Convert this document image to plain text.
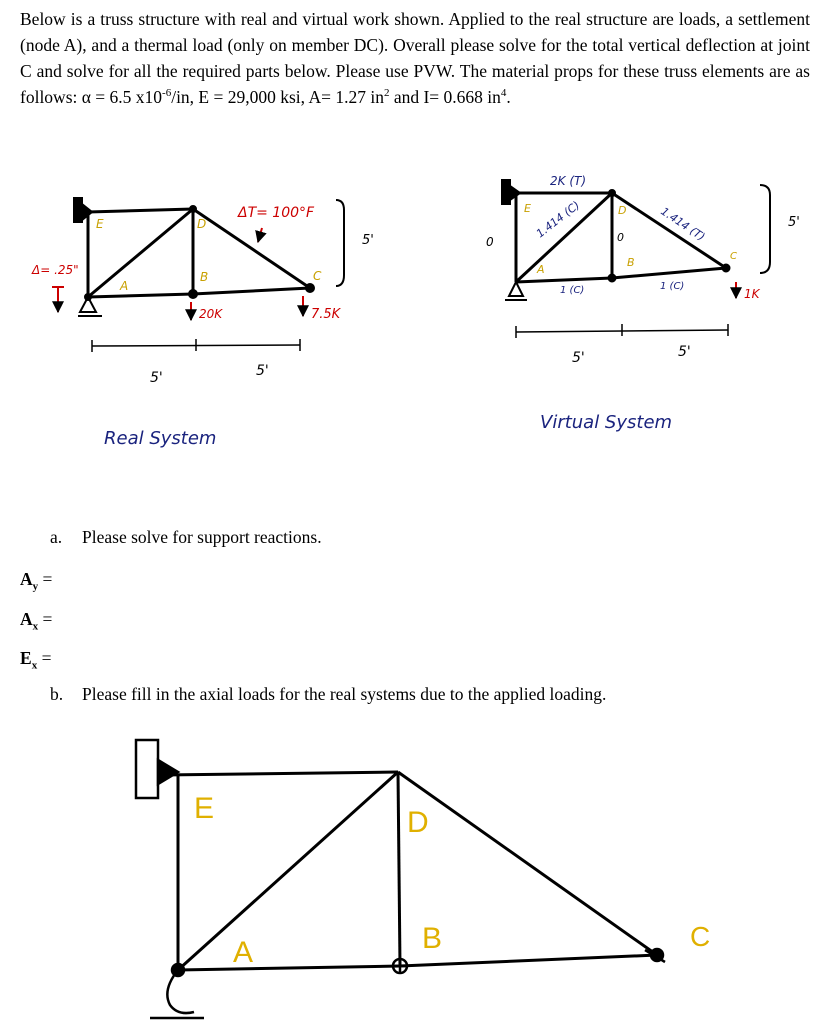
Below is a truss structure with real and virtual work shown. Applied to the real structure are loads, a settlement (node A), and a thermal load (only on member DC). Overall please solve for the total vertical deflection at joint C and solve for all the required parts below. Please use PVW. The material props for these truss elements are as follows: α = 6.5 $x10^{-6}/in$, E = 29,000 ksi, A= 1.27 $in^2$ and I= 0.668 $in^4$.
E	D
A
B	C
ΔT= 100°F
Δ= .25"
20K	7.5K
5'
5'	5'
Real System
E	D
A
B	C
2K (T)
1.414 (C)	1.414 (T)
1 (C)	1 (C)
0	0
1K
5'
5'	5'
Virtual System
E	D
A	B	C
a. Please solve for support reactions.
$A_y$ =
$A_x$ =
$E_x$ =
b. Please fill in the axial loads for the real systems due to the applied loading.
